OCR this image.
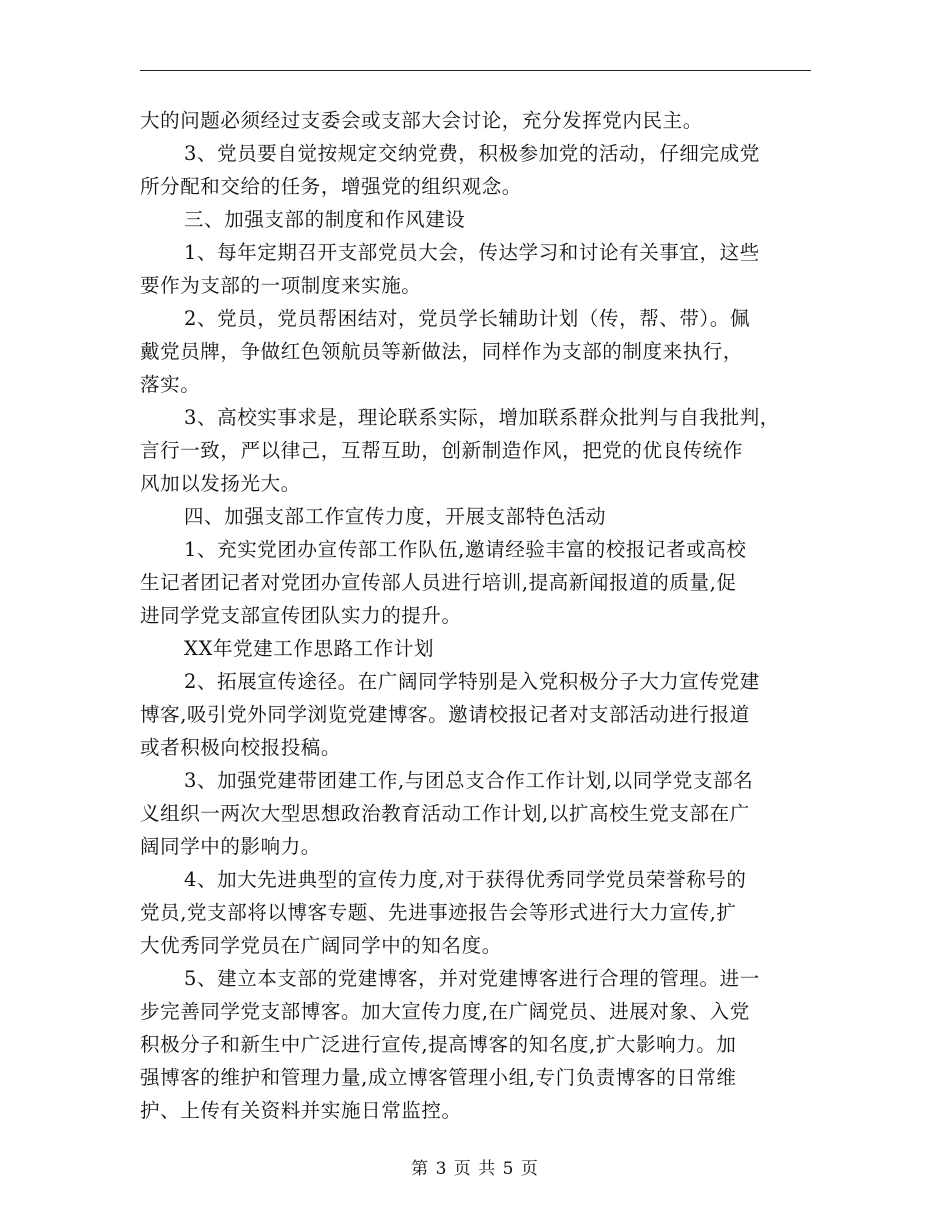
大的问题必须经过支委会或支部大会讨论，充分发挥党内民主。
3、党员要自觉按规定交纳党费，积极参加党的活动，仔细完成党
所分配和交给的任务，增强党的组织观念。
三、加强支部的制度和作风建设
1、每年定期召开支部党员大会，传达学习和讨论有关事宜，这些
要作为支部的一项制度来实施。
2、党员，党员帮困结对，党员学长辅助计划（传，帮、带）。佩
戴党员牌，争做红色领航员等新做法，同样作为支部的制度来执行，
落实。
3、高校实事求是，理论联系实际，增加联系群众批判与自我批判，
言行一致，严以律己，互帮互助，创新制造作风，把党的优良传统作
风加以发扬光大。
四、加强支部工作宣传力度，开展支部特色活动
1、充实党团办宣传部工作队伍,邀请经验丰富的校报记者或高校
生记者团记者对党团办宣传部人员进行培训,提高新闻报道的质量,促
进同学党支部宣传团队实力的提升。
XX年党建工作思路工作计划
2、拓展宣传途径。在广阔同学特别是入党积极分子大力宣传党建
博客,吸引党外同学浏览党建博客。邀请校报记者对支部活动进行报道
或者积极向校报投稿。
3、加强党建带团建工作,与团总支合作工作计划,以同学党支部名
义组织一两次大型思想政治教育活动工作计划,以扩高校生党支部在广
阔同学中的影响力。
4、加大先进典型的宣传力度,对于获得优秀同学党员荣誉称号的
党员,党支部将以博客专题、先进事迹报告会等形式进行大力宣传,扩
大优秀同学党员在广阔同学中的知名度。
5、建立本支部的党建博客，并对党建博客进行合理的管理。进一
步完善同学党支部博客。加大宣传力度,在广阔党员、进展对象、入党
积极分子和新生中广泛进行宣传,提高博客的知名度,扩大影响力。加
强博客的维护和管理力量,成立博客管理小组,专门负责博客的日常维
护、上传有关资料并实施日常监控。
第 3 页 共 5 页
